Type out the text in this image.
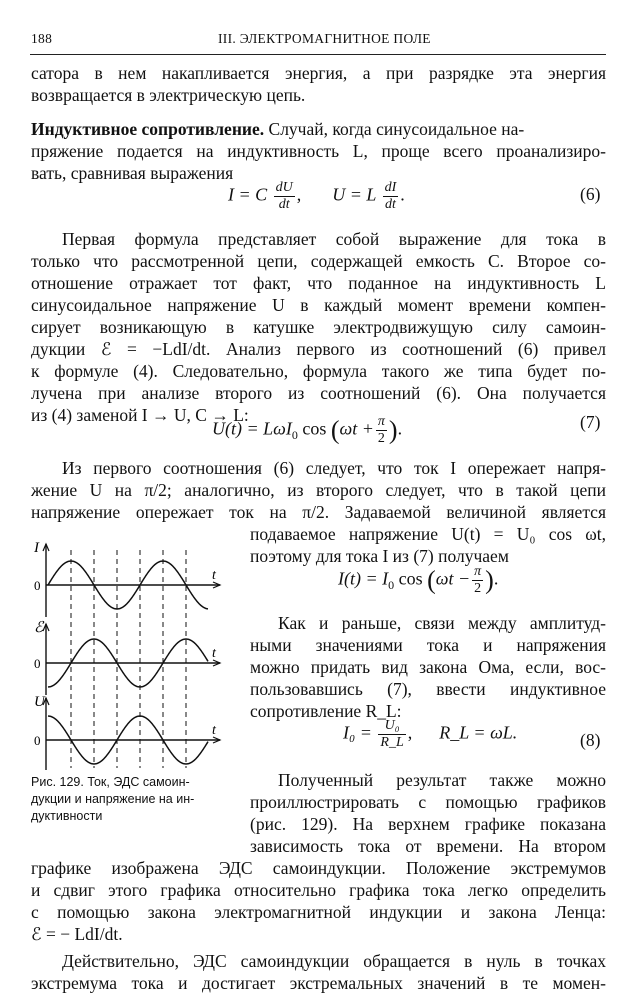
188	III. ЭЛЕКТРОМАГНИТНОЕ ПОЛЕ
сатора в нем накапливается энергия, а при разрядке эта энергия
возвращается в электрическую цепь.
Индуктивное сопротивление. Случай, когда синусоидальное на-
пряжение подается на индуктивность L, проще всего проанализиро-
вать, сравнивая выражения
I = C $\frac{dU}{dt}$ , U = L $\frac{dI}{dt}$ .	(6)
Первая формула представляет собой выражение для тока в
только что рассмотренной цепи, содержащей емкость C. Второе со-
отношение отражает тот факт, что поданное на индуктивность L
синусоидальное напряжение U в каждый момент времени компен-
сирует возникающую в катушке электродвижущую силу самоин-
дукции ℰ = −LdI/dt. Анализ первого из соотношений (6) привел
к формуле (4). Следовательно, формула такого же типа будет по-
лучена при анализе второго из соотношений (6). Она получается
из (4) заменой I → U, C → L:
U(t) = LωI$_0$ $\cos (\omega t + \frac{\pi}{2}$ ).	(7)
Из первого соотношения (6) следует, что ток I опережает напря-
жение U на π/2; аналогично, из второго следует, что в такой цепи
напряжение опережает ток на π/2. Задаваемой величиной является
подаваемое напряжение U(t) = U₀ cos ωt,
поэтому для тока I из (7) получаем
$I(t) = I_0$ $\cos (\omega t - \frac{\pi}{2}$ ).
Как и раньше, связи между амплитуд-
ными значениями тока и напряжения
можно придать вид закона Ома, если, вос-
пользовавшись (7), ввести индуктивное
сопротивление R_L:
$I_0 = \frac{\text{U₀}}{R\_L}$ , R_L = ωL.	(8)
Полученный результат также можно
проиллюстрировать с помощью графиков
(рис. 129). На верхнем графике показана
зависимость тока от времени. На втором
графике изображена ЭДС самоиндукции. Положение экстремумов
и сдвиг этого графика относительно графика тока легко определить
с помощью закона электромагнитной индукции и закона Ленца:
ℰ = − LdI/dt.
Действительно, ЭДС самоиндукции обращается в нуль в точках
экстремума тока и достигает экстремальных значений в те момен-
I
0
t
ℰ
0
t
U
0
t
Рис. 129. Ток, ЭДС самоин-
дукции и напряжение на ин-
дуктивности
